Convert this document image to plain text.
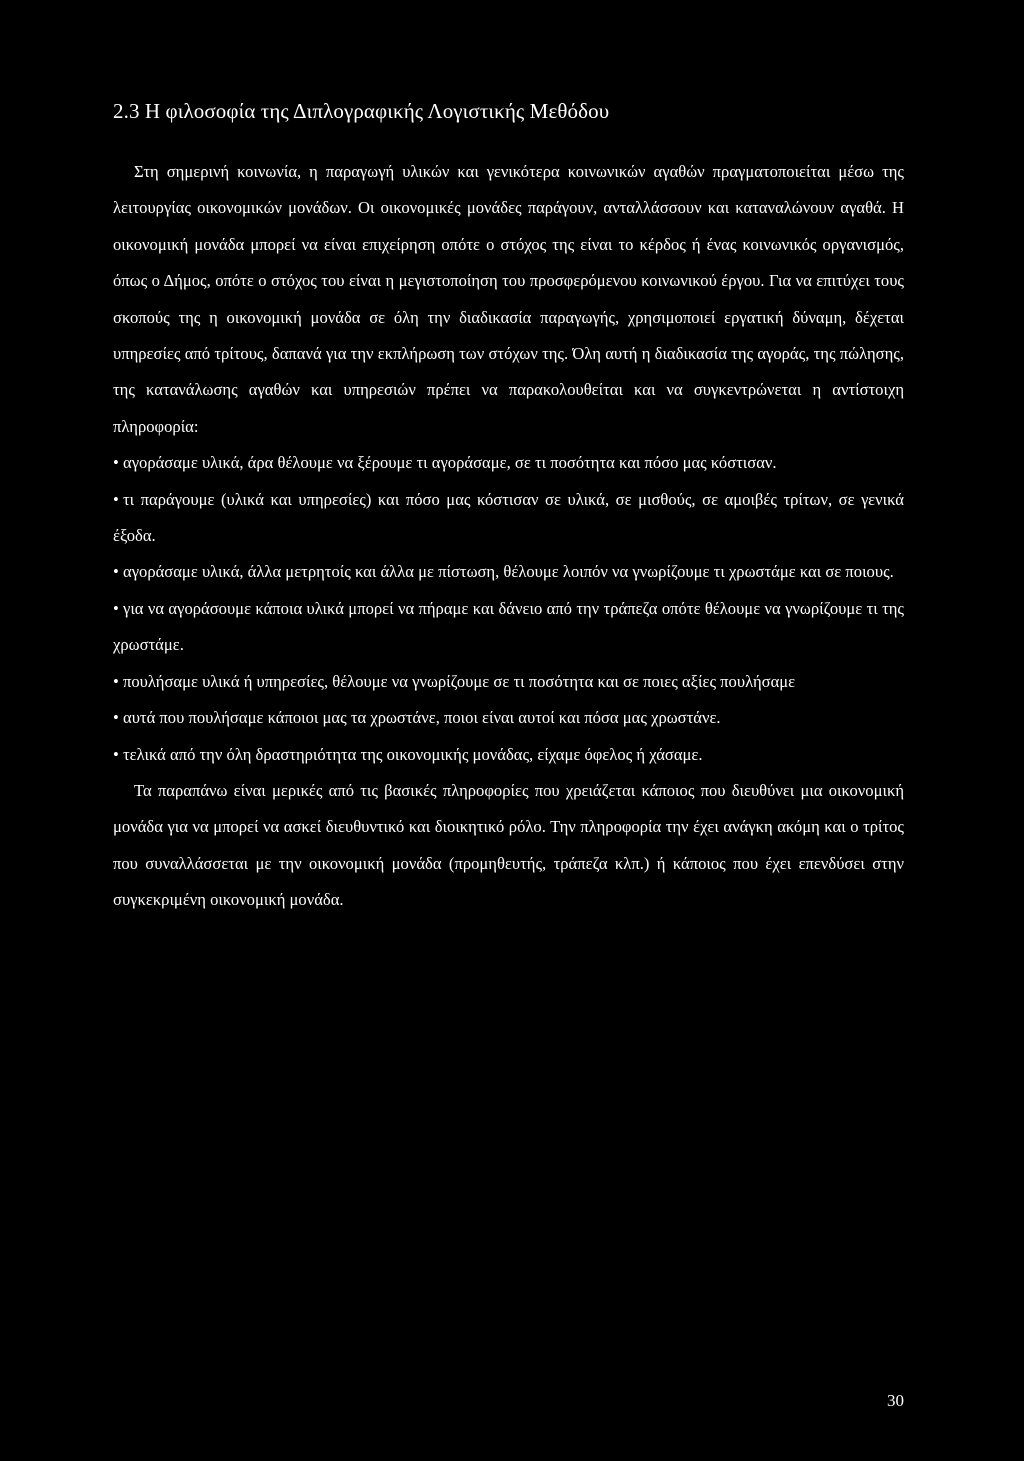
2.3 Η φιλοσοφία της Διπλογραφικής Λογιστικής Μεθόδου

Στη σημερινή κοινωνία, η παραγωγή υλικών και γενικότερα κοινωνικών αγαθών πραγματοποιείται μέσω της λειτουργίας οικονομικών μονάδων. Οι οικονομικές μονάδες παράγουν, ανταλλάσσουν και καταναλώνουν αγαθά. Η οικονομική μονάδα μπορεί να είναι επιχείρηση οπότε ο στόχος της είναι το κέρδος ή ένας κοινωνικός οργανισμός, όπως ο Δήμος, οπότε ο στόχος του είναι η μεγιστοποίηση του προσφερόμενου κοινωνικού έργου. Για να επιτύχει τους σκοπούς της η οικονομική μονάδα σε όλη την διαδικασία παραγωγής, χρησιμοποιεί εργατική δύναμη, δέχεται υπηρεσίες από τρίτους, δαπανά για την εκπλήρωση των στόχων της. Όλη αυτή η διαδικασία της αγοράς, της πώλησης, της κατανάλωσης αγαθών και υπηρεσιών πρέπει να παρακολουθείται και να συγκεντρώνεται η αντίστοιχη πληροφορία:

• αγοράσαμε υλικά, άρα θέλουμε να ξέρουμε τι αγοράσαμε, σε τι ποσότητα και πόσο μας κόστισαν.
• τι παράγουμε (υλικά και υπηρεσίες) και πόσο μας κόστισαν σε υλικά, σε μισθούς, σε αμοιβές τρίτων, σε γενικά έξοδα.
• αγοράσαμε υλικά, άλλα μετρητοίς και άλλα με πίστωση, θέλουμε λοιπόν να γνωρίζουμε τι χρωστάμε και σε ποιους.
• για να αγοράσουμε κάποια υλικά μπορεί να πήραμε και δάνειο από την τράπεζα οπότε θέλουμε να γνωρίζουμε τι της χρωστάμε.
• πουλήσαμε υλικά ή υπηρεσίες, θέλουμε να γνωρίζουμε σε τι ποσότητα και σε ποιες αξίες πουλήσαμε
• αυτά που πουλήσαμε κάποιοι μας τα χρωστάνε, ποιοι είναι αυτοί και πόσα μας χρωστάνε.
• τελικά από την όλη δραστηριότητα της οικονομικής μονάδας, είχαμε όφελος ή χάσαμε.

Τα παραπάνω είναι μερικές από τις βασικές πληροφορίες που χρειάζεται κάποιος που διευθύνει μια οικονομική μονάδα για να μπορεί να ασκεί διευθυντικό και διοικητικό ρόλο. Την πληροφορία την έχει ανάγκη ακόμη και ο τρίτος που συναλλάσσεται με την οικονομική μονάδα (προμηθευτής, τράπεζα κλπ.) ή κάποιος που έχει επενδύσει στην συγκεκριμένη οικονομική μονάδα.

30
